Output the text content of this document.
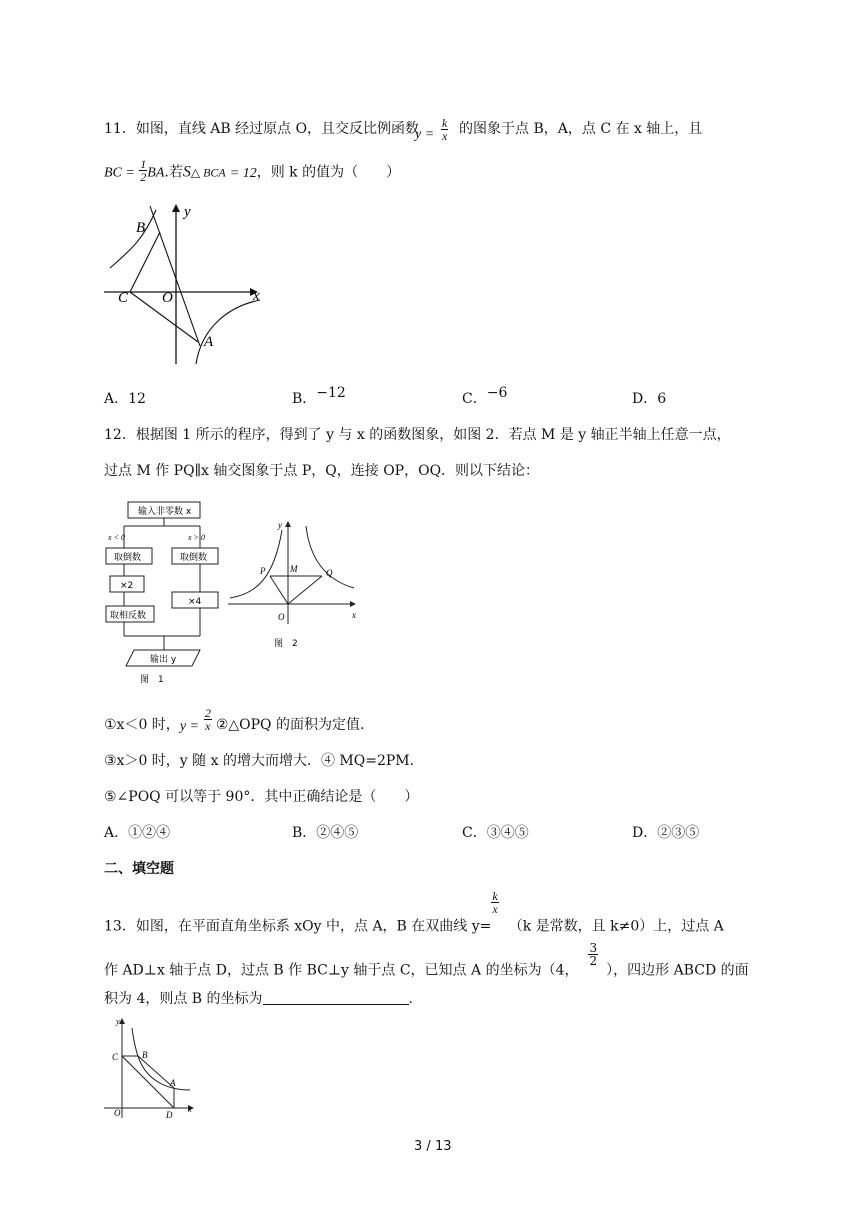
11．如图，直线 AB 经过原点 O，且交反比例函数
$y = \frac{k}{x}$ 的图象于点 B，A，点 C 在 x 轴上，且
BC = $\frac{1}{2}$ BA.若S△ BCA = 12，则 k 的值为（　　）
B
C O	x
y
A
A．12	B．−12	C．−6	D．6
12．根据图 1 所示的程序，得到了 y 与 x 的函数图象，如图 2．若点 M 是 y 轴正半轴上任意一点，
过点 M 作 PQ∥x 轴交图象于点 P，Q，连接 OP，OQ．则以下结论：
输入非零数 x
x < 0	x > 0
取倒数	取倒数
×2
×4
取相反数
输出 y
图　1
y
P	M	Q
O	x
图　2
①x＜0 时， $y = \frac{2}{x}$ ②△OPQ 的面积为定值.
③x＞0 时，y 随 x 的增大而增大．④ MQ=2PM．
⑤∠POQ 可以等于 90°．其中正确结论是（　　）
A．①②④	B．②④⑤	C．③④⑤	D．②③⑤
二、填空题
13．如图，在平面直角坐标系 xOy 中，点 A，B 在双曲线 y=
$\frac{k}{x}$
（k 是常数，且 k≠0）上，过点 A
作 AD⊥x 轴于点 D，过点 B 作 BC⊥y 轴于点 C，已知点 A 的坐标为（4，
$\frac{3}{2}$
），四边形 ABCD 的面
积为 4，则点 B 的坐标为	.
y
C	B
A
O	D
x
3 / 13
